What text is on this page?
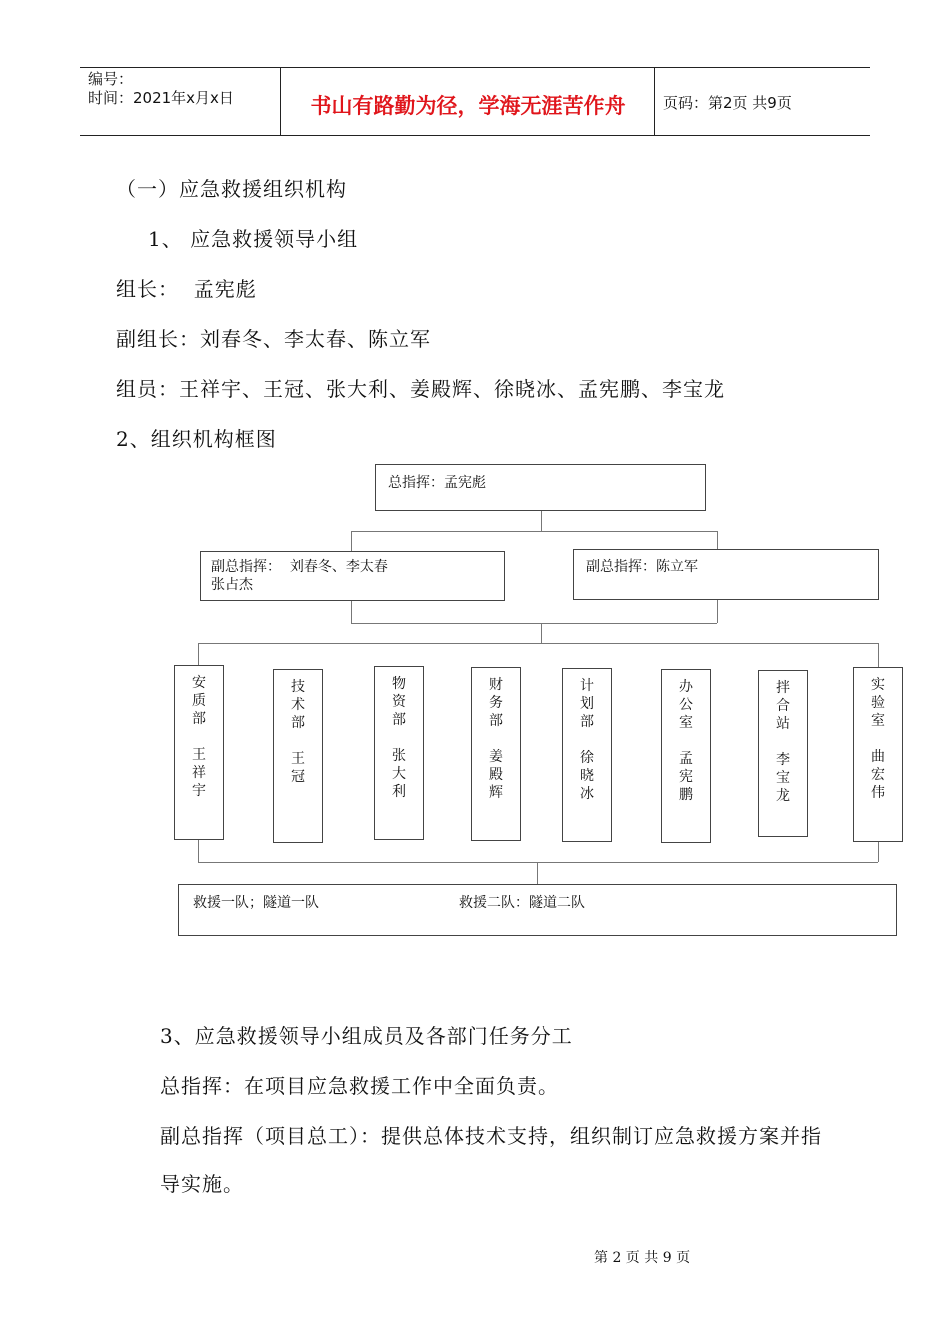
编号：
时间：2021年x月x日	书山有路勤为径，学海无涯苦作舟	页码：第2页 共9页
（一）应急救援组织机构
1、 应急救援领导小组
组长：  孟宪彪
副组长：刘春冬、李太春、陈立军
组员：王祥宇、王冠、张大利、姜殿辉、徐晓冰、孟宪鹏、李宝龙
2、组织机构框图
总指挥：孟宪彪
副总指挥：  刘春冬、李太春
张占杰
副总指挥：陈立军
安
质
部
王
祥
宇
技
术
部
王
冠
物
资
部
张
大
利
财
务
部
姜
殿
辉
计
划
部
徐
晓
冰
办
公
室
孟
宪
鹏
拌
合
站
李
宝
龙
实
验
室
曲
宏
伟
救援一队；隧道一队	救援二队：隧道二队
3、应急救援领导小组成员及各部门任务分工
总指挥：在项目应急救援工作中全面负责。
副总指挥（项目总工）：提供总体技术支持，组织制订应急救援方案并指
导实施。
第 2 页 共 9 页
